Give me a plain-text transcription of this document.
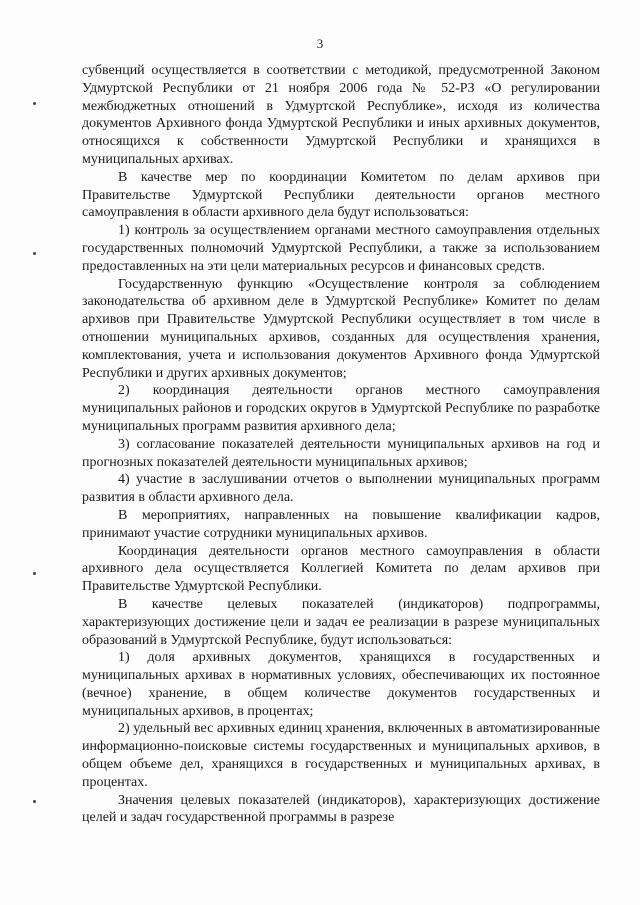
3

субвенций осуществляется в соответствии с методикой, предусмотренной Законом Удмуртской Республики от 21 ноября 2006 года № 52-РЗ «О регулировании межбюджетных отношений в Удмуртской Республике», исходя из количества документов Архивного фонда Удмуртской Республики и иных архивных документов, относящихся к собственности Удмуртской Республики и хранящихся в муниципальных архивах.

В качестве мер по координации Комитетом по делам архивов при Правительстве Удмуртской Республики деятельности органов местного самоуправления в области архивного дела будут использоваться:

1) контроль за осуществлением органами местного самоуправления отдельных государственных полномочий Удмуртской Республики, а также за использованием предоставленных на эти цели материальных ресурсов и финансовых средств.

Государственную функцию «Осуществление контроля за соблюдением законодательства об архивном деле в Удмуртской Республике» Комитет по делам архивов при Правительстве Удмуртской Республики осуществляет в том числе в отношении муниципальных архивов, созданных для осуществления хранения, комплектования, учета и использования документов Архивного фонда Удмуртской Республики и других архивных документов;

2) координация деятельности органов местного самоуправления муниципальных районов и городских округов в Удмуртской Республике по разработке муниципальных программ развития архивного дела;

3) согласование показателей деятельности муниципальных архивов на год и прогнозных показателей деятельности муниципальных архивов;

4) участие в заслушивании отчетов о выполнении муниципальных программ развития в области архивного дела.

В мероприятиях, направленных на повышение квалификации кадров, принимают участие сотрудники муниципальных архивов.

Координация деятельности органов местного самоуправления в области архивного дела осуществляется Коллегией Комитета по делам архивов при Правительстве Удмуртской Республики.

В качестве целевых показателей (индикаторов) подпрограммы, характеризующих достижение цели и задач ее реализации в разрезе муниципальных образований в Удмуртской Республике, будут использоваться:

1) доля архивных документов, хранящихся в государственных и муниципальных архивах в нормативных условиях, обеспечивающих их постоянное (вечное) хранение, в общем количестве документов государственных и муниципальных архивов, в процентах;

2) удельный вес архивных единиц хранения, включенных в автоматизированные информационно-поисковые системы государственных и муниципальных архивов, в общем объеме дел, хранящихся в государственных и муниципальных архивах, в процентах.

Значения целевых показателей (индикаторов), характеризующих достижение целей и задач государственной программы в разрезе
